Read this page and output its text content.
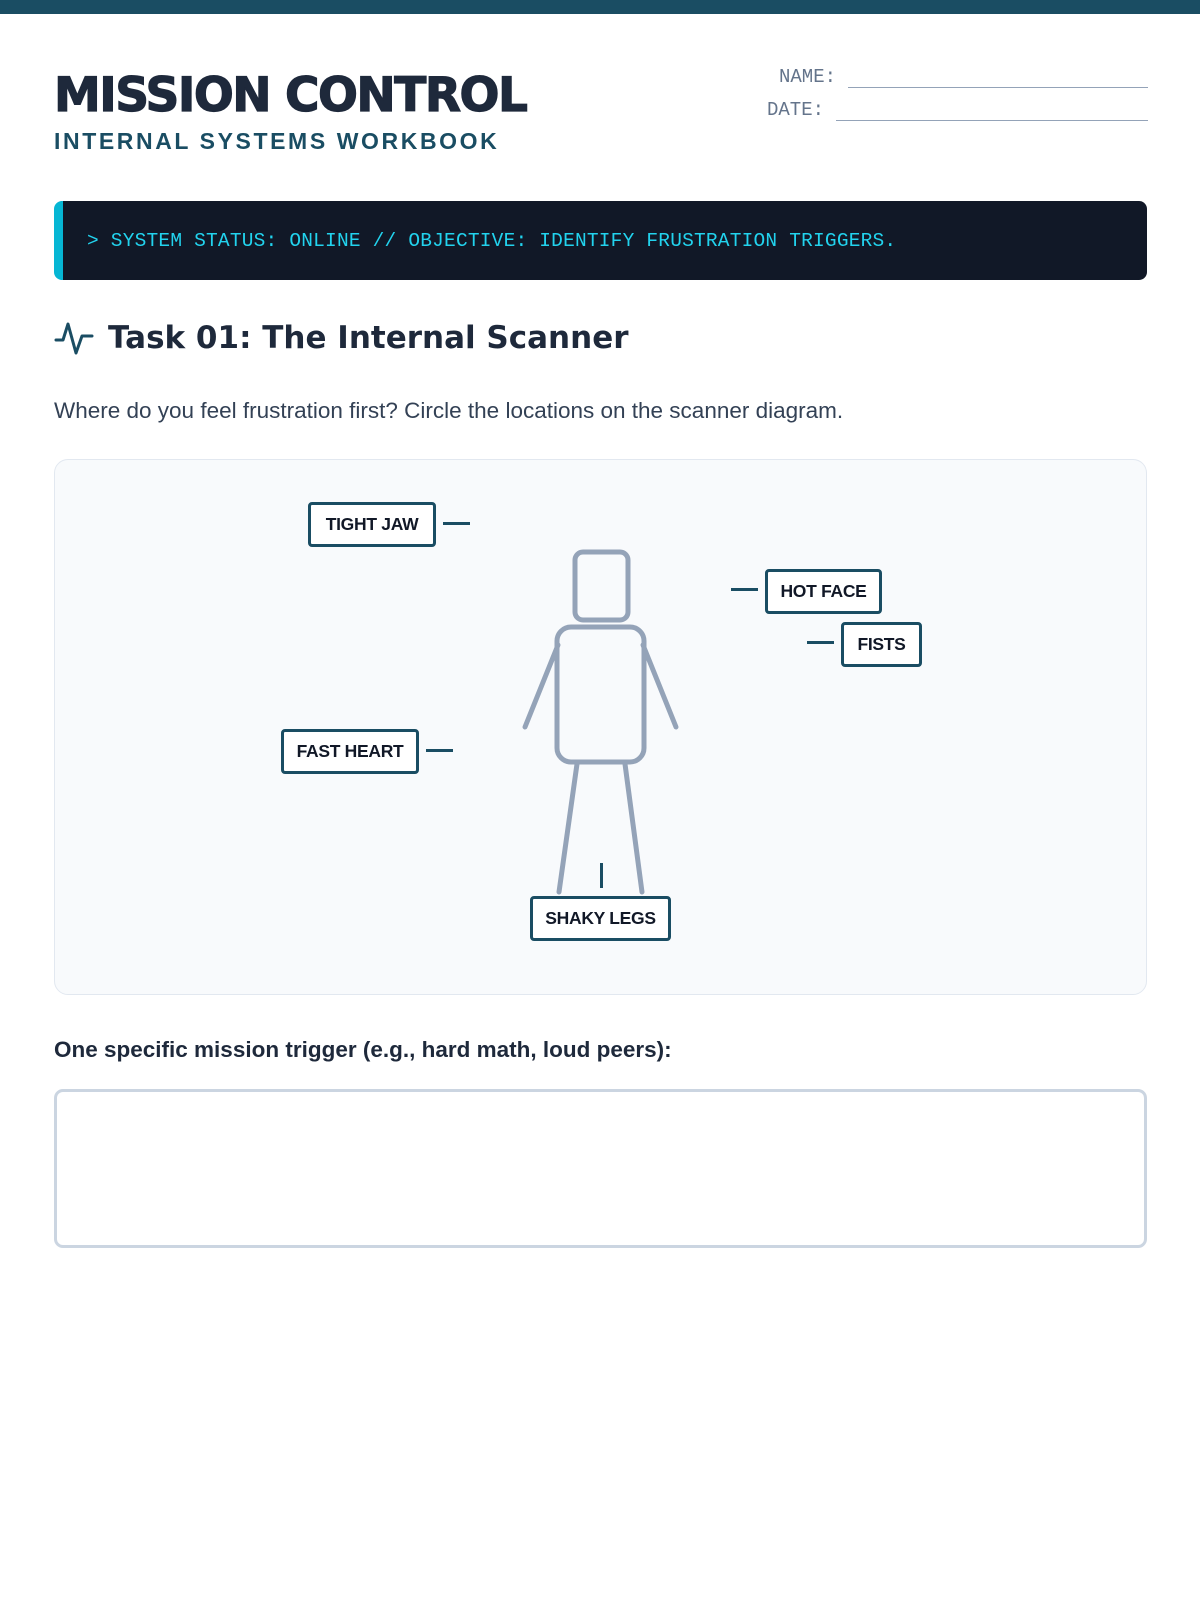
MISSION CONTROL
INTERNAL SYSTEMS WORKBOOK
NAME:
DATE:
> SYSTEM STATUS: ONLINE // OBJECTIVE: IDENTIFY FRUSTRATION TRIGGERS.
Task 01: The Internal Scanner

Where do you feel frustration first? Circle the locations on the scanner diagram.

TIGHT JAW
HOT FACE
FISTS
FAST HEART
SHAKY LEGS
One specific mission trigger (e.g., hard math, loud peers):
